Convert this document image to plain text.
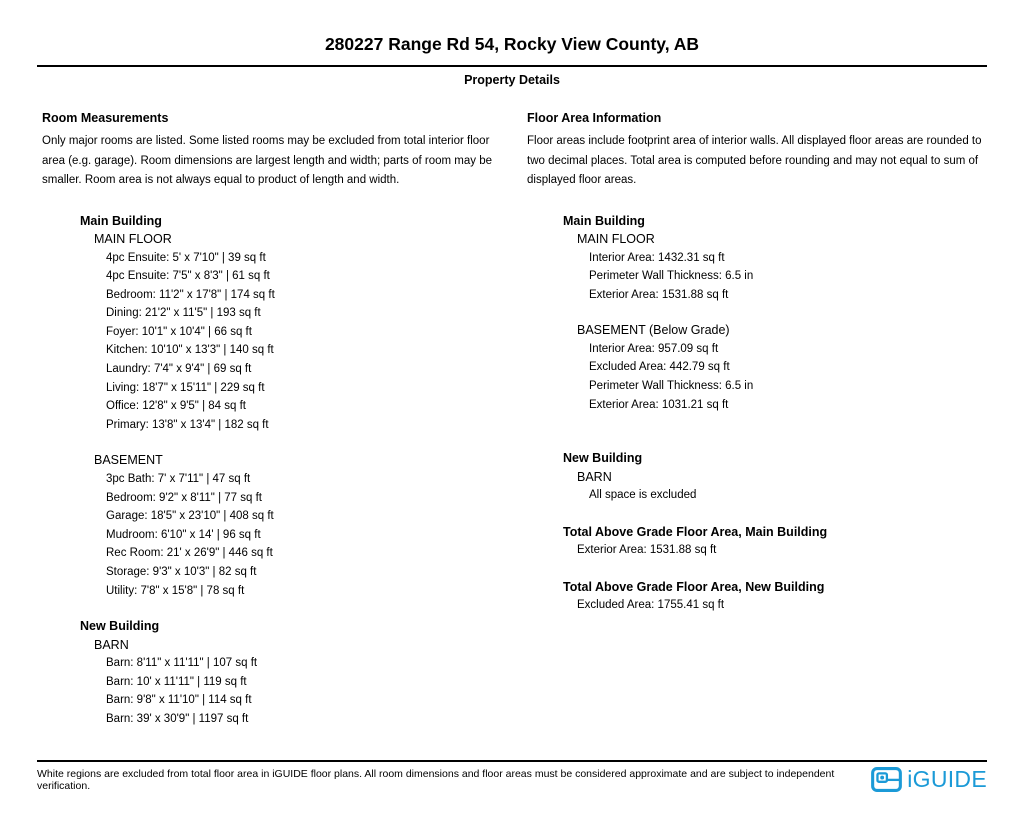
280227 Range Rd 54, Rocky View County, AB
Property Details
Room Measurements

Only major rooms are listed. Some listed rooms may be excluded from total interior floor area (e.g. garage). Room dimensions are largest length and width; parts of room may be smaller. Room area is not always equal to product of length and width.

Main Building
MAIN FLOOR
4pc Ensuite: 5' x 7'10" | 39 sq ft
4pc Ensuite: 7'5" x 8'3" | 61 sq ft
Bedroom: 11'2" x 17'8" | 174 sq ft
Dining: 21'2" x 11'5" | 193 sq ft
Foyer: 10'1" x 10'4" | 66 sq ft
Kitchen: 10'10" x 13'3" | 140 sq ft
Laundry: 7'4" x 9'4" | 69 sq ft
Living: 18'7" x 15'11" | 229 sq ft
Office: 12'8" x 9'5" | 84 sq ft
Primary: 13'8" x 13'4" | 182 sq ft
BASEMENT
3pc Bath: 7' x 7'11" | 47 sq ft
Bedroom: 9'2" x 8'11" | 77 sq ft
Garage: 18'5" x 23'10" | 408 sq ft
Mudroom: 6'10" x 14' | 96 sq ft
Rec Room: 21' x 26'9" | 446 sq ft
Storage: 9'3" x 10'3" | 82 sq ft
Utility: 7'8" x 15'8" | 78 sq ft
New Building
BARN
Barn: 8'11" x 11'11" | 107 sq ft
Barn: 10' x 11'11" | 119 sq ft
Barn: 9'8" x 11'10" | 114 sq ft
Barn: 39' x 30'9" | 1197 sq ft
Floor Area Information

Floor areas include footprint area of interior walls. All displayed floor areas are rounded to two decimal places. Total area is computed before rounding and may not equal to sum of displayed floor areas.

Main Building
MAIN FLOOR
Interior Area: 1432.31 sq ft
Perimeter Wall Thickness: 6.5 in
Exterior Area: 1531.88 sq ft
BASEMENT (Below Grade)
Interior Area: 957.09 sq ft
Excluded Area: 442.79 sq ft
Perimeter Wall Thickness: 6.5 in
Exterior Area: 1031.21 sq ft
New Building
BARN
All space is excluded
Total Above Grade Floor Area, Main Building
Exterior Area: 1531.88 sq ft
Total Above Grade Floor Area, New Building
Excluded Area: 1755.41 sq ft

White regions are excluded from total floor area in iGUIDE floor plans. All room dimensions and floor areas must be considered approximate and are subject to independent verification.	iGUIDE
